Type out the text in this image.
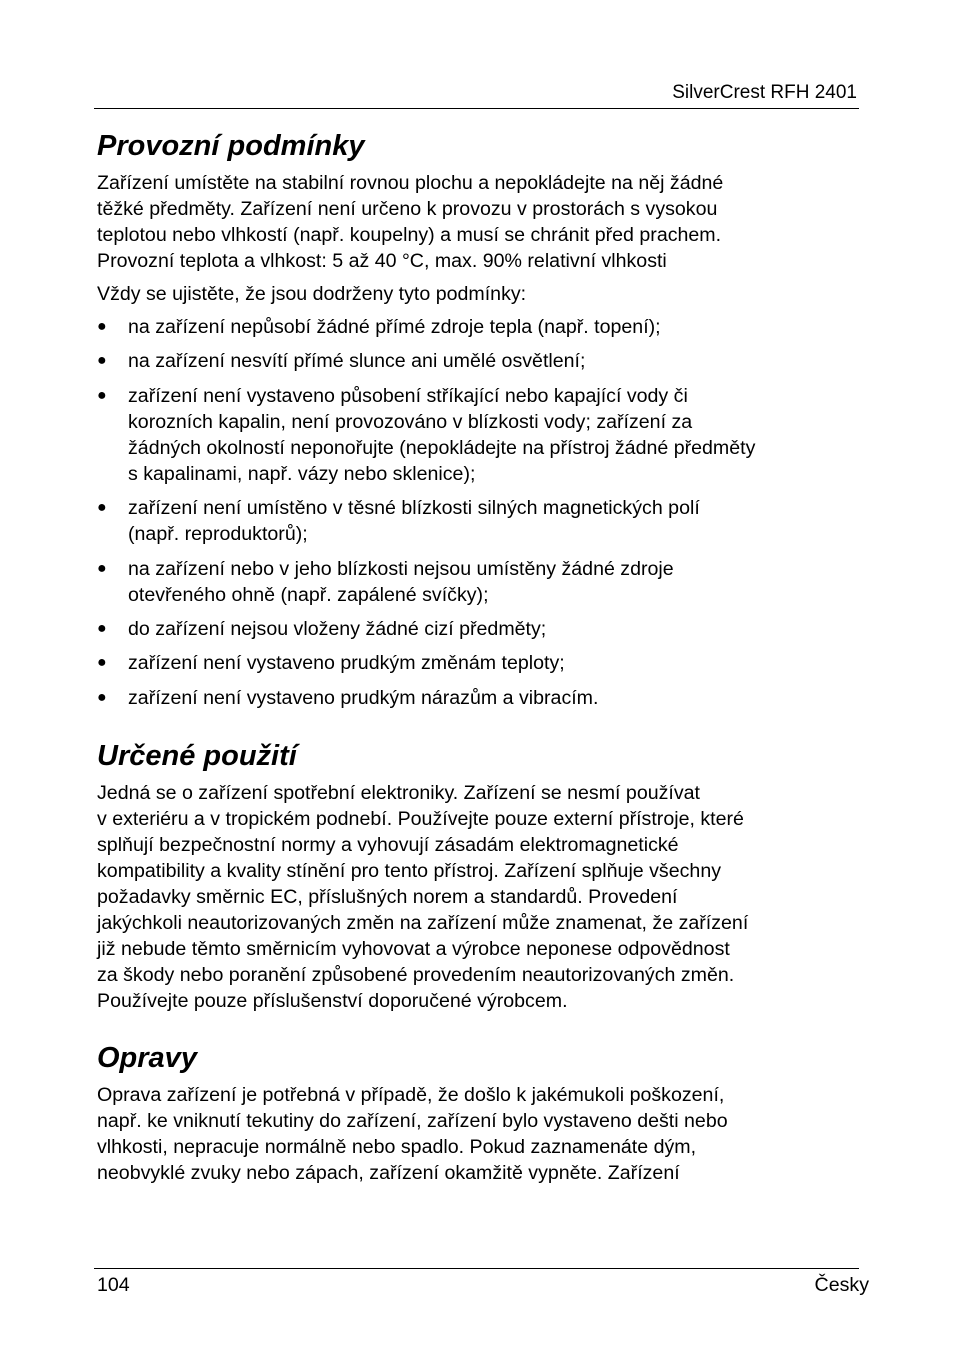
SilverCrest RFH 2401
Provozní podmínky

Zařízení umístěte na stabilní rovnou plochu a nepokládejte na něj žádné
těžké předměty. Zařízení není určeno k provozu v prostorách s vysokou
teplotou nebo vlhkostí (např. koupelny) a musí se chránit před prachem.
Provozní teplota a vlhkost: 5 až 40 °C, max. 90% relativní vlhkosti

Vždy se ujistěte, že jsou dodrženy tyto podmínky:

● na zařízení nepůsobí žádné přímé zdroje tepla (např. topení);
● na zařízení nesvítí přímé slunce ani umělé osvětlení;
● zařízení není vystaveno působení stříkající nebo kapající vody či
korozních kapalin, není provozováno v blízkosti vody; zařízení za
žádných okolností neponořujte (nepokládejte na přístroj žádné předměty
s kapalinami, např. vázy nebo sklenice);
● zařízení není umístěno v těsné blízkosti silných magnetických polí
(např. reproduktorů);
● na zařízení nebo v jeho blízkosti nejsou umístěny žádné zdroje
otevřeného ohně (např. zapálené svíčky);
● do zařízení nejsou vloženy žádné cizí předměty;
● zařízení není vystaveno prudkým změnám teploty;
● zařízení není vystaveno prudkým nárazům a vibracím.
Určené použití

Jedná se o zařízení spotřební elektroniky. Zařízení se nesmí používat
v exteriéru a v tropickém podnebí. Používejte pouze externí přístroje, které
splňují bezpečnostní normy a vyhovují zásadám elektromagnetické
kompatibility a kvality stínění pro tento přístroj. Zařízení splňuje všechny
požadavky směrnic EC, příslušných norem a standardů. Provedení
jakýchkoli neautorizovaných změn na zařízení může znamenat, že zařízení
již nebude těmto směrnicím vyhovovat a výrobce neponese odpovědnost
za škody nebo poranění způsobené provedením neautorizovaných změn.
Používejte pouze příslušenství doporučené výrobcem.

Opravy

Oprava zařízení je potřebná v případě, že došlo k jakémukoli poškození,
např. ke vniknutí tekutiny do zařízení, zařízení bylo vystaveno dešti nebo
vlhkosti, nepracuje normálně nebo spadlo. Pokud zaznamenáte dým,
neobvyklé zvuky nebo zápach, zařízení okamžitě vypněte. Zařízení

104	Česky
